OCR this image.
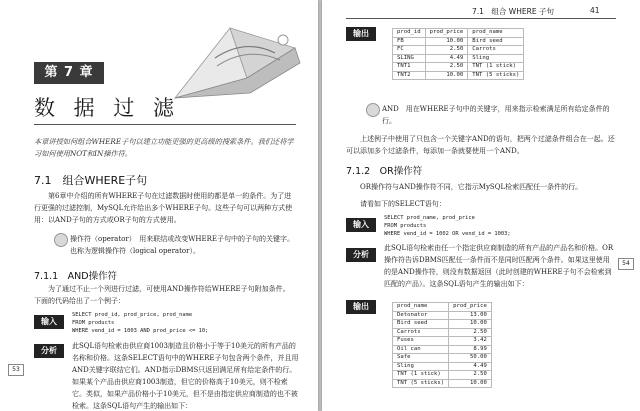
第 7 章
数 据 过 滤
本章讲授如何组合WHERE子句以建立功能更强的更高级的搜索条件。我们还将学习如何使用NOT和IN操作符。
7.1　组合WHERE子句
第6章中介绍的所有WHERE子句在过滤数据时使用的都是单一的条件。为了进行更强的过滤控制，MySQL允许给出多个WHERE子句。这些子句可以两种方式使用：以AND子句的方式或OR子句的方式使用。
操作符（operator）　用来联结或改变WHERE子句中的子句的关键字。也称为逻辑操作符（logical operator）。
7.1.1　AND操作符
为了通过不止一个列进行过滤，可使用AND操作符给WHERE子句附加条件。下面的代码给出了一个例子：
输入
SELECT prod_id, prod_price, prod_name
FROM products
WHERE vend_id = 1003 AND prod_price <= 10;
分析	此SQL语句检索由供应商1003制造且价格小于等于10美元的所有产品的名称和价格。这条SELECT语句中的WHERE子句包含两个条件，并且用AND关键字联结它们。AND指示DBMS只返回满足所有给定条件的行。如果某个产品由供应商1003制造，但它的价格高于10美元，则不检索它。类似，如果产品价格小于10美元，但不是由指定供应商制造的也不被检索。这条SQL语句产生的输出如下：
53
7.1　组合 WHERE 子句	41
输出	prod_id	prod_price	prod_name
FB	10.00	Bird seed
FC	2.50	Carrots
SLING	4.49	Sling
TNT1	2.50	TNT (1 stick)
TNT2	10.00	TNT (5 sticks)
AND　用在WHERE子句中的关键字，用来指示检索满足所有给定条件的行。
上述例子中使用了只包含一个关键字AND的语句，把两个过滤条件组合在一起。还可以添加多个过滤条件，每添加一条就要使用一个AND。
7.1.2　OR操作符
OR操作符与AND操作符不同，它指示MySQL检索匹配任一条件的行。
请看如下的SELECT语句：
输入
SELECT prod_name, prod_price
FROM products
WHERE vend_id = 1002 OR vend_id = 1003;
分析
此SQL语句检索由任一个指定供应商制造的所有产品的产品名和价格。OR操作符告诉DBMS匹配任一条件而不是同时匹配两个条件。如果这里使用的是AND操作符，则没有数据返回（此时创建的WHERE子句不会检索到匹配的产品）。这条SQL语句产生的输出如下：
输出	prod_name	prod_price
Detonator	13.00
Bird seed	10.00
Carrots	2.50
Fuses	3.42
Oil can	8.99
Safe	50.00
Sling	4.49
TNT (1 stick)	2.50
TNT (5 sticks)	10.00
54
